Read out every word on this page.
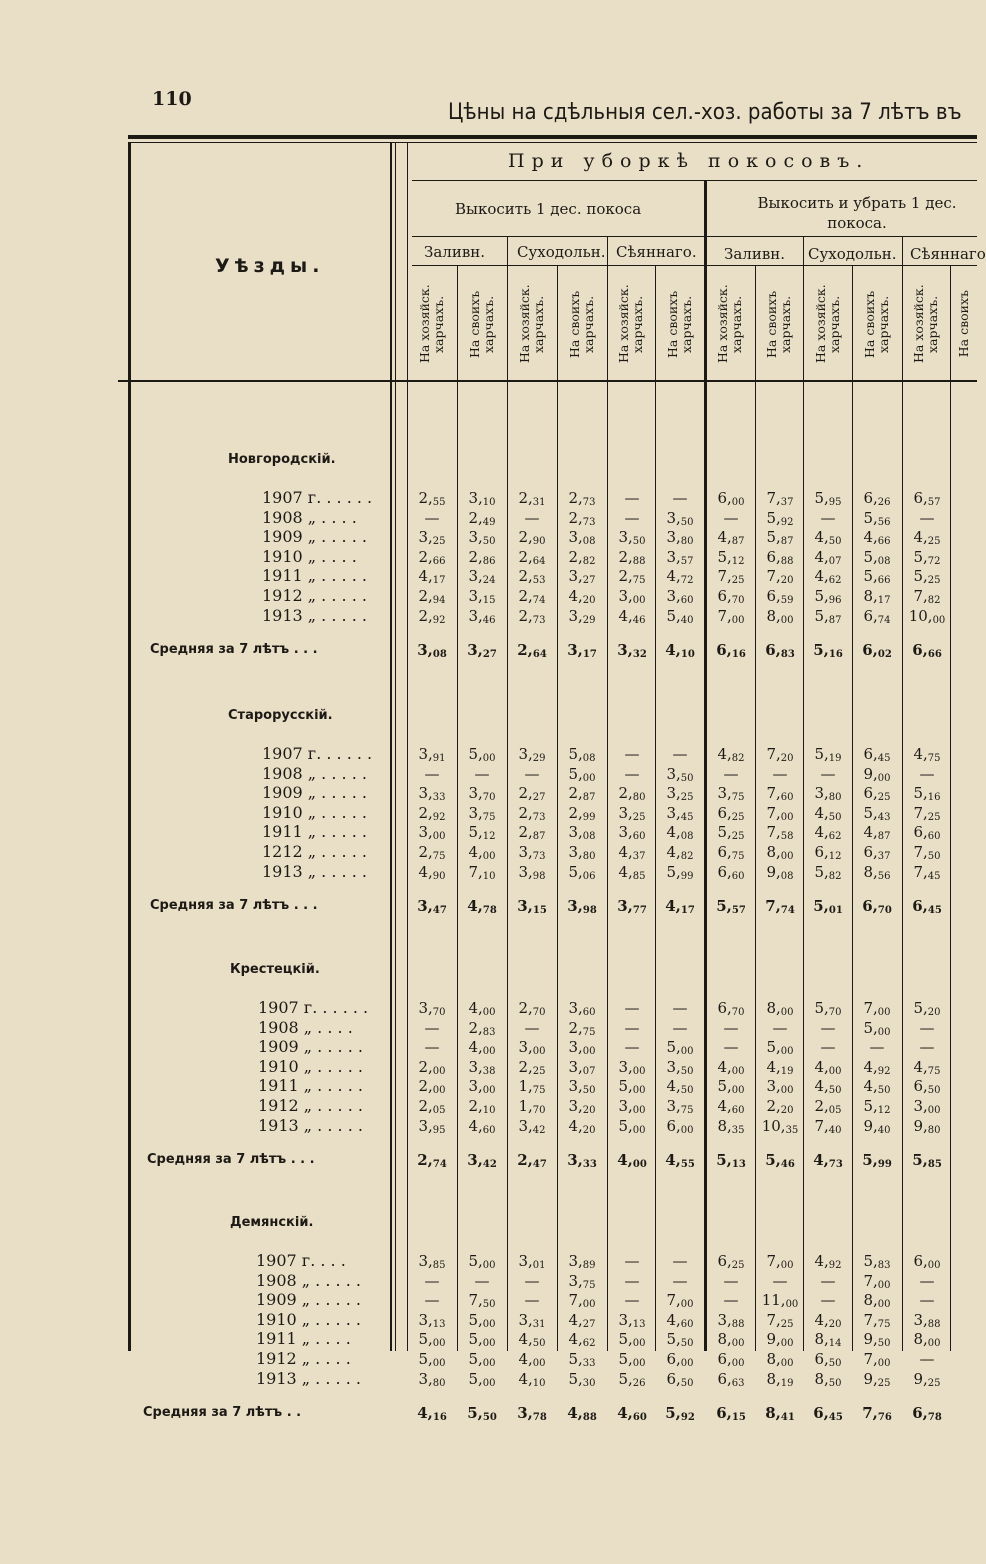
110
Цѣны на сдѣльныя сел.-хоз. работы за 7 лѣтъ въ
При уборкѣ покосовъ.
Выкосить 1 дес. покоса	Выкосить и убрать 1 дес. покоса.
Заливн. Суходольн. Сѣяннаго. Заливн. Суходольн. Сѣяннаго
Уѣзды.
На хозяйск. харчахъ. На своихъ харчахъ. На хозяйск. харчахъ. На своихъ харчахъ. На хозяйск. харчахъ. На своихъ харчахъ. На хозяйск. харчахъ. На своихъ харчахъ. На хозяйск. харчахъ. На своихъ харчахъ. На хозяйск. харчахъ. На своихъ
Новгородскій.
1907 г. . . . . .	$2,_{55}$	$3,_{10}$	$2,_{31}$	$2,_{73}$	—	—	$6,_{00}$	$7,_{37}$	$5,_{95}$	$6,_{26}$	$6,_{57}$
1908 „ . . . .	—	$2,_{49}$	—	$2,_{73}$	—	$3,_{50}$	—	$5,_{92}$	—	$5,_{56}$	—
1909 „ . . . . .	$3,_{25}$	$3,_{50}$	$2,_{90}$	$3,_{08}$	$3,_{50}$	$3,_{80}$	$4,_{87}$	$5,_{87}$	$4,_{50}$	$4,_{66}$	$4,_{25}$
1910 „ . . . .	$2,_{66}$	$2,_{86}$	$2,_{64}$	$2,_{82}$	$2,_{88}$	$3,_{57}$	$5,_{12}$	$6,_{88}$	$4,_{07}$	$5,_{08}$	$5,_{72}$
1911 „ . . . . .	$4,_{17}$	$3,_{24}$	$2,_{53}$	$3,_{27}$	$2,_{75}$	$4,_{72}$	$7,_{25}$	$7,_{20}$	$4,_{62}$	$5,_{66}$	$5,_{25}$
1912 „ . . . . .	$2,_{94}$	$3,_{15}$	$2,_{74}$	$4,_{20}$	$3,_{00}$	$3,_{60}$	$6,_{70}$	$6,_{59}$	$5,_{96}$	$8,_{17}$	$7,_{82}$
1913 „ . . . . .	$2,_{92}$	$3,_{46}$	$2,_{73}$	$3,_{29}$	$4,_{46}$	$5,_{40}$	$7,_{00}$	$8,_{00}$	$5,_{87}$	$6,_{74}$	$10,_{00}$
Средняя за 7 лѣтъ . . .	$3,_{08}$	$3,_{27}$	$2,_{64}$	$3,_{17}$	$3,_{32}$	$4,_{10}$	$6,_{16}$	$6,_{83}$	$5,_{16}$	$6,_{02}$	$6,_{66}$
Старорусскій.
1907 г. . . . . .	$3,_{91}$	$5,_{00}$	$3,_{29}$	$5,_{08}$	—	—	$4,_{82}$	$7,_{20}$	$5,_{19}$	$6,_{45}$	$4,_{75}$
1908 „ . . . . .	—	—	—	$5,_{00}$	—	$3,_{50}$	—	—	—	$9,_{00}$	—
1909 „ . . . . .	$3,_{33}$	$3,_{70}$	$2,_{27}$	$2,_{87}$	$2,_{80}$	$3,_{25}$	$3,_{75}$	$7,_{60}$	$3,_{80}$	$6,_{25}$	$5,_{16}$
1910 „ . . . . .	$2,_{92}$	$3,_{75}$	$2,_{73}$	$2,_{99}$	$3,_{25}$	$3,_{45}$	$6,_{25}$	$7,_{00}$	$4,_{50}$	$5,_{43}$	$7,_{25}$
1911 „ . . . . .	$3,_{00}$	$5,_{12}$	$2,_{87}$	$3,_{08}$	$3,_{60}$	$4,_{08}$	$5,_{25}$	$7,_{58}$	$4,_{62}$	$4,_{87}$	$6,_{60}$
1212 „ . . . . .	$2,_{75}$	$4,_{00}$	$3,_{73}$	$3,_{80}$	$4,_{37}$	$4,_{82}$	$6,_{75}$	$8,_{00}$	$6,_{12}$	$6,_{37}$	$7,_{50}$
1913 „ . . . . .	$4,_{90}$	$7,_{10}$	$3,_{98}$	$5,_{06}$	$4,_{85}$	$5,_{99}$	$6,_{60}$	$9,_{08}$	$5,_{82}$	$8,_{56}$	$7,_{45}$
Средняя за 7 лѣтъ . . .	$3,_{47}$	$4,_{78}$	$3,_{15}$	$3,_{98}$	$3,_{77}$	$4,_{17}$	$5,_{57}$	$7,_{74}$	$5,_{01}$	$6,_{70}$	$6,_{45}$
Крестецкій.
1907 г. . . . . .	$3,_{70}$	$4,_{00}$	$2,_{70}$	$3,_{60}$	—	—	$6,_{70}$	$8,_{00}$	$5,_{70}$	$7,_{00}$	$5,_{20}$
1908 „ . . . .	—	$2,_{83}$	—	$2,_{75}$	—	—	—	—	—	$5,_{00}$	—
1909 „ . . . . .	—	$4,_{00}$	$3,_{00}$	$3,_{00}$	—	$5,_{00}$	—	$5,_{00}$	—	—	—
1910 „ . . . . .	$2,_{00}$	$3,_{38}$	$2,_{25}$	$3,_{07}$	$3,_{00}$	$3,_{50}$	$4,_{00}$	$4,_{19}$	$4,_{00}$	$4,_{92}$	$4,_{75}$
1911 „ . . . . .	$2,_{00}$	$3,_{00}$	$1,_{75}$	$3,_{50}$	$5,_{00}$	$4,_{50}$	$5,_{00}$	$3,_{00}$	$4,_{50}$	$4,_{50}$	$6,_{50}$
1912 „ . . . . .	$2,_{05}$	$2,_{10}$	$1,_{70}$	$3,_{20}$	$3,_{00}$	$3,_{75}$	$4,_{60}$	$2,_{20}$	$2,_{05}$	$5,_{12}$	$3,_{00}$
1913 „ . . . . .	$3,_{95}$	$4,_{60}$	$3,_{42}$	$4,_{20}$	$5,_{00}$	$6,_{00}$	$8,_{35}$	$10,_{35}$	$7,_{40}$	$9,_{40}$	$9,_{80}$
Средняя за 7 лѣтъ . . .	$2,_{74}$	$3,_{42}$	$2,_{47}$	$3,_{33}$	$4,_{00}$	$4,_{55}$	$5,_{13}$	$5,_{46}$	$4,_{73}$	$5,_{99}$	$5,_{85}$
Демянскій.
1907 г. . . .	$3,_{85}$	$5,_{00}$	$3,_{01}$	$3,_{89}$	—	—	$6,_{25}$	$7,_{00}$	$4,_{92}$	$5,_{83}$	$6,_{00}$
1908 „ . . . . .	—	—	—	$3,_{75}$	—	—	—	—	—	$7,_{00}$	—
1909 „ . . . . .	—	$7,_{50}$	—	$7,_{00}$	—	$7,_{00}$	—	$11,_{00}$	—	$8,_{00}$	—
1910 „ . . . . .	$3,_{13}$	$5,_{00}$	$3,_{31}$	$4,_{27}$	$3,_{13}$	$4,_{60}$	$3,_{88}$	$7,_{25}$	$4,_{20}$	$7,_{75}$	$3,_{88}$
1911 „ . . . .	$5,_{00}$	$5,_{00}$	$4,_{50}$	$4,_{62}$	$5,_{00}$	$5,_{50}$	$8,_{00}$	$9,_{00}$	$8,_{14}$	$9,_{50}$	$8,_{00}$
1912 „ . . . .	$5,_{00}$	$5,_{00}$	$4,_{00}$	$5,_{33}$	$5,_{00}$	$6,_{00}$	$6,_{00}$	$8,_{00}$	$6,_{50}$	$7,_{00}$	—
1913 „ . . . . .	$3,_{80}$	$5,_{00}$	$4,_{10}$	$5,_{30}$	$5,_{26}$	$6,_{50}$	$6,_{63}$	$8,_{19}$	$8,_{50}$	$9,_{25}$	$9,_{25}$
Средняя за 7 лѣтъ . .	$4,_{16}$	$5,_{50}$	$3,_{78}$	$4,_{88}$	$4,_{60}$	$5,_{92}$	$6,_{15}$	$8,_{41}$	$6,_{45}$	$7,_{76}$	$6,_{78}$
